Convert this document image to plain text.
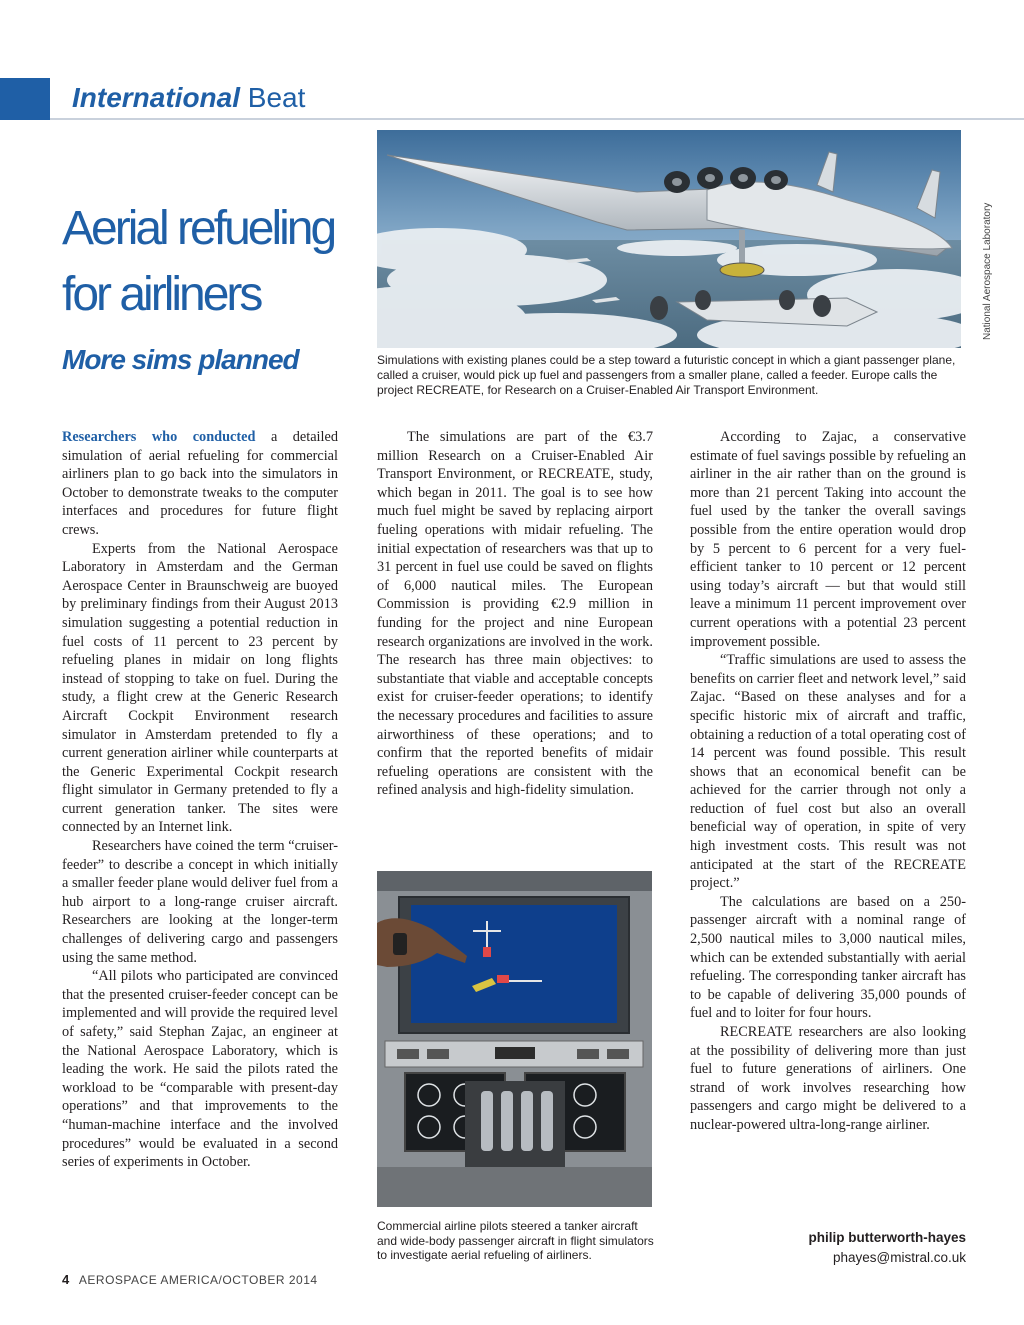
International Beat
Aerial refueling
for airliners
More sims planned
National Aerospace Laboratory

Simulations with existing planes could be a step toward a futuristic concept in which a giant passenger plane, called a cruiser, would pick up fuel and passengers from a smaller plane, called a feeder. Europe calls the project RECREATE, for Research on a Cruiser-Enabled Air Transport Environment.

Researchers who conducted a detailed simulation of aerial refueling for commercial airliners plan to go back into the simulators in October to demonstrate tweaks to the computer interfaces and procedures for future flight crews.

Experts from the National Aerospace Laboratory in Amsterdam and the German Aerospace Center in Braunschweig are buoyed by preliminary findings from their August 2013 simulation suggesting a potential reduction in fuel costs of 11 percent to 23 percent by refueling planes in midair on long flights instead of stopping to take on fuel. During the study, a flight crew at the Generic Research Aircraft Cockpit Environment research simulator in Amsterdam pretended to fly a current generation airliner while counterparts at the Generic Experimental Cockpit research flight simulator in Germany pretended to fly a current generation tanker. The sites were connected by an Internet link.

Researchers have coined the term “cruiser-feeder” to describe a concept in which initially a smaller feeder plane would deliver fuel from a hub airport to a long-range cruiser aircraft. Researchers are looking at the longer-term challenges of delivering cargo and passengers using the same method.

“All pilots who participated are convinced that the presented cruiser-feeder concept can be implemented and will provide the required level of safety,” said Stephan Zajac, an engineer at the National Aerospace Laboratory, which is leading the work. He said the pilots rated the workload to be “comparable with present-day operations” and that improvements to the “human-machine interface and the involved procedures” would be evaluated in a second series of experiments in October.

The simulations are part of the €3.7 million Research on a Cruiser-Enabled Air Transport Environment, or RECREATE, study, which began in 2011. The goal is to see how much fuel might be saved by replacing airport fueling operations with midair refueling. The initial expectation of researchers was that up to 31 percent in fuel use could be saved on flights of 6,000 nautical miles. The European Commission is providing €2.9 million in funding for the project and nine European research organizations are involved in the work. The research has three main objectives: to substantiate that viable and acceptable concepts exist for cruiser-feeder operations; to identify the necessary procedures and facilities to assure airworthiness of these operations; and to confirm that the reported benefits of midair refueling operations are consistent with the refined analysis and high-fidelity simulation.

Commercial airline pilots steered a tanker aircraft and wide-body passenger aircraft in flight simulators to investigate aerial refueling of airliners.

According to Zajac, a conservative estimate of fuel savings possible by refueling an airliner in the air rather than on the ground is more than 21 percent Taking into account the fuel used by the tanker the overall savings possible from the entire operation would drop by 5 percent to 6 percent for a very fuel-efficient tanker to 10 percent or 12 percent using today’s aircraft — but that would still leave a minimum 11 percent improvement over current operations with a potential 23 percent improvement possible.

“Traffic simulations are used to assess the benefits on carrier fleet and network level,” said Zajac. “Based on these analyses and for a specific historic mix of aircraft and traffic, obtaining a reduction of a total operating cost of 14 percent was found possible. This result shows that an economical benefit can be achieved for the carrier through not only a reduction of fuel cost but also an overall beneficial way of operation, in spite of very high investment costs. This result was not anticipated at the start of the RECREATE project.”

The calculations are based on a 250-passenger aircraft with a nominal range of 2,500 nautical miles to 3,000 nautical miles, which can be extended substantially with aerial refueling. The corresponding tanker aircraft has to be capable of delivering 35,000 pounds of fuel and to loiter for four hours.

RECREATE researchers are also looking at the possibility of delivering more than just fuel to future generations of airliners. One strand of work involves researching how passengers and cargo might be delivered to a nuclear-powered ultra-long-range airliner.

philip butterworth-hayes
phayes@mistral.co.uk
4 AEROSPACE AMERICA/OCTOBER 2014
